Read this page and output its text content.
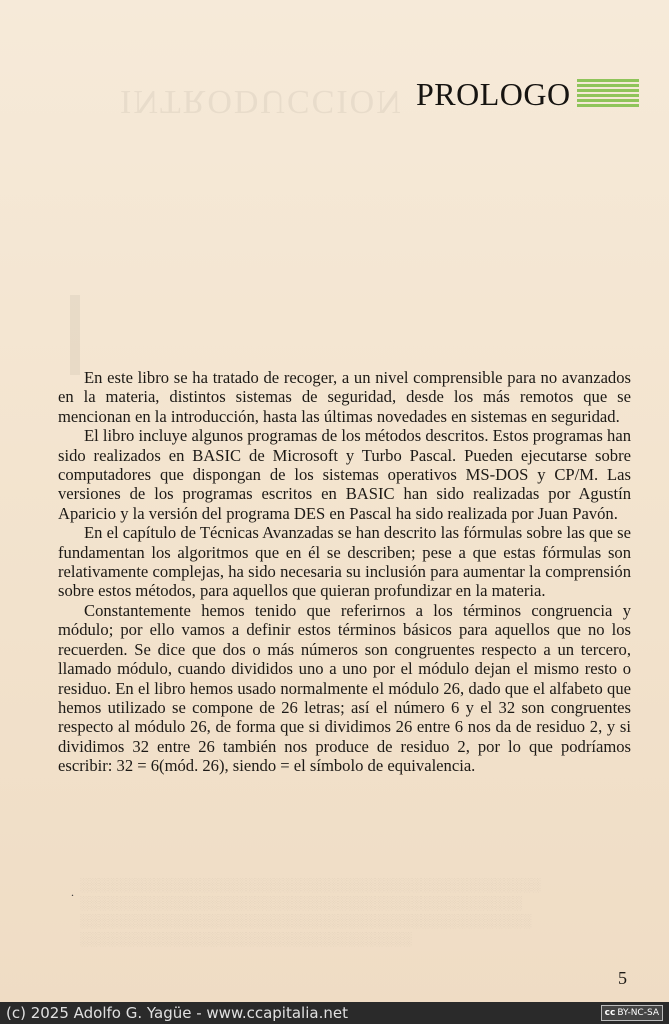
INTRODUCCION PROLOGO

En este libro se ha tratado de recoger, a un nivel comprensible para no avanzados en la materia, distintos sistemas de seguridad, desde los más remotos que se mencionan en la introducción, hasta las últimas novedades en sistemas en seguridad.

El libro incluye algunos programas de los métodos descritos. Estos programas han sido realizados en BASIC de Microsoft y Turbo Pascal. Pueden ejecutarse sobre computadores que dispongan de los sistemas operativos MS-DOS y CP/M. Las versiones de los programas escritos en BASIC han sido realizadas por Agustín Aparicio y la versión del programa DES en Pascal ha sido realizada por Juan Pavón.

En el capítulo de Técnicas Avanzadas se han descrito las fórmulas sobre las que se fundamentan los algoritmos que en él se describen; pese a que estas fórmulas son relativamente complejas, ha sido necesaria su inclusión para aumentar la comprensión sobre estos métodos, para aquellos que quieran profundizar en la materia.

Constantemente hemos tenido que referirnos a los términos congruencia y módulo; por ello vamos a definir estos términos básicos para aquellos que no los recuerden. Se dice que dos o más números son congruentes respecto a un tercero, llamado módulo, cuando divididos uno a uno por el módulo dejan el mismo resto o residuo. En el libro hemos usado normalmente el módulo 26, dado que el alfabeto que hemos utilizado se compone de 26 letras; así el número 6 y el 32 son congruentes respecto al módulo 26, de forma que si dividimos 26 entre 6 nos da de residuo 2, y si dividimos 32 entre 26 también nos produce de residuo 2, por lo que podríamos escribir: 32 = 6(mód. 26), siendo = el símbolo de equivalencia.

. ░░░░░░░░░░░░░░░░░░░░░░░░░░░░░░░░░░░░░░░░░░░░░░░░░░
░░░░░░░░░░░░░░░░░░░░░░░░░░░░░░░░░░░░░░░░░░░░░░░░
░░░░░░░░░░░░░░░░░░░░░░░░░░░░░░░░░░░░░░░░░░░░░░░░░
░░░░░░░░░░░░░░░░░░░░░░░░░░░░░░░░░░░░
5
(c) 2025 Adolfo G. Yagüe - www.ccapitalia.net	cc BY-NC-SA
